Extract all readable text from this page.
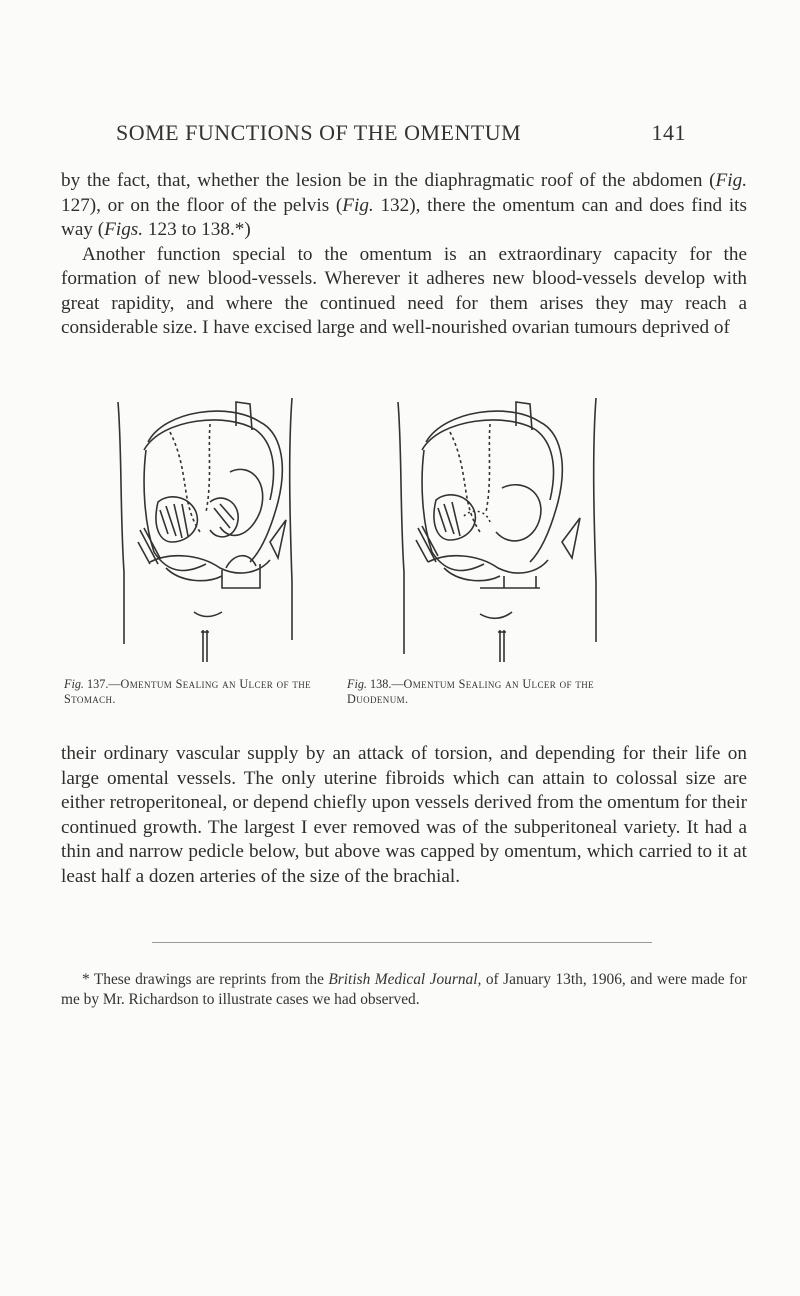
SOME FUNCTIONS OF THE OMENTUM	141

by the fact, that, whether the lesion be in the diaphragmatic roof of the abdomen (Fig. 127), or on the floor of the pelvis (Fig. 132), there the omentum can and does find its way (Figs. 123 to 138.*)

Another function special to the omentum is an extraordinary capacity for the formation of new blood-vessels. Wherever it adheres new blood-vessels develop with great rapidity, and where the continued need for them arises they may reach a considerable size. I have excised large and well-nourished ovarian tumours deprived of

Fig. 137.—Omentum Sealing an Ulcer of the Stomach.
Fig. 138.—Omentum Sealing an Ulcer of the Duodenum.

their ordinary vascular supply by an attack of torsion, and depending for their life on large omental vessels. The only uterine fibroids which can attain to colossal size are either retroperitoneal, or depend chiefly upon vessels derived from the omentum for their continued growth. The largest I ever removed was of the subperitoneal variety. It had a thin and narrow pedicle below, but above was capped by omentum, which carried to it at least half a dozen arteries of the size of the brachial.

* These drawings are reprints from the British Medical Journal, of January 13th, 1906, and were made for me by Mr. Richardson to illustrate cases we had observed.
